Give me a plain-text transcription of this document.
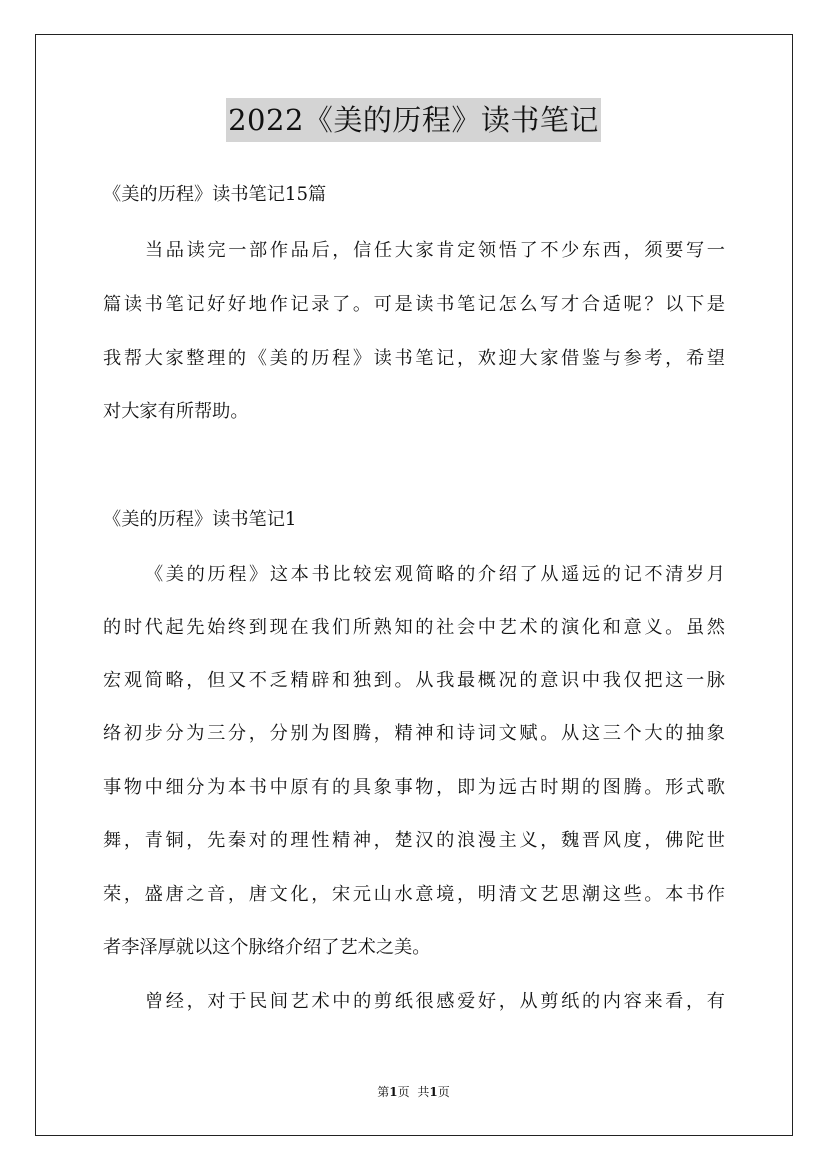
2022《美的历程》读书笔记
《美的历程》读书笔记15篇
当品读完一部作品后，信任大家肯定领悟了不少东西，须要写一
篇读书笔记好好地作记录了。可是读书笔记怎么写才合适呢？以下是
我帮大家整理的《美的历程》读书笔记，欢迎大家借鉴与参考，希望
对大家有所帮助。
《美的历程》读书笔记1
《美的历程》这本书比较宏观简略的介绍了从遥远的记不清岁月
的时代起先始终到现在我们所熟知的社会中艺术的演化和意义。虽然
宏观简略，但又不乏精辟和独到。从我最概况的意识中我仅把这一脉
络初步分为三分，分别为图腾，精神和诗词文赋。从这三个大的抽象
事物中细分为本书中原有的具象事物，即为远古时期的图腾。形式歌
舞，青铜，先秦对的理性精神，楚汉的浪漫主义，魏晋风度，佛陀世
荣，盛唐之音，唐文化，宋元山水意境，明清文艺思潮这些。本书作
者李泽厚就以这个脉络介绍了艺术之美。
曾经，对于民间艺术中的剪纸很感爱好，从剪纸的内容来看，有
第1页 共1页
